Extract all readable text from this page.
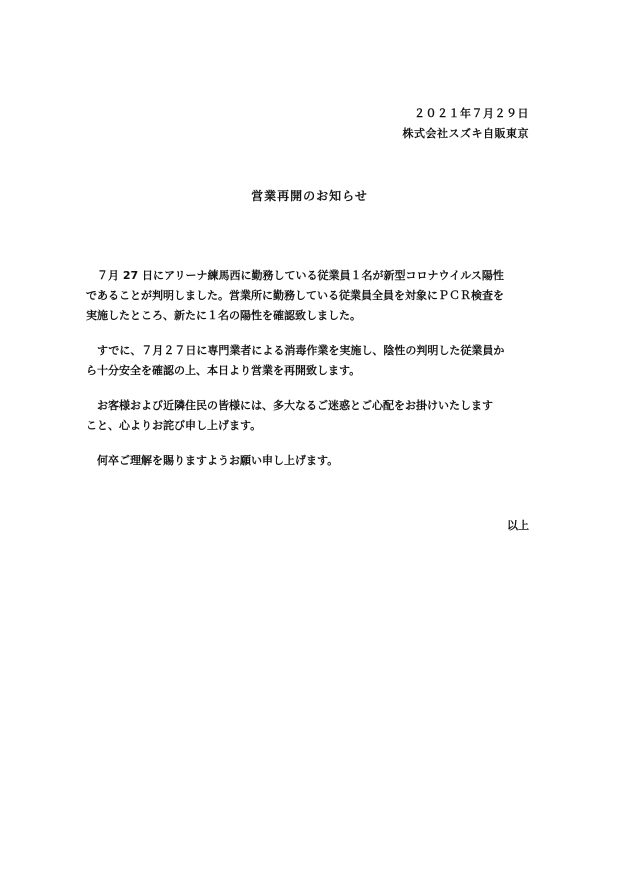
２０２１年７月２９日
株式会社スズキ自販東京
営業再開のお知らせ
　７月 27 日にアリーナ練馬西に勤務している従業員１名が新型コロナウイルス陽性
であることが判明しました。営業所に勤務している従業員全員を対象にＰＣＲ検査を
実施したところ、新たに１名の陽性を確認致しました。
　すでに、７月２７日に専門業者による消毒作業を実施し、陰性の判明した従業員か
ら十分安全を確認の上、本日より営業を再開致します。
　お客様および近隣住民の皆様には、多大なるご迷惑とご心配をお掛けいたします
こと、心よりお詫び申し上げます。
　何卒ご理解を賜りますようお願い申し上げます。
以上
